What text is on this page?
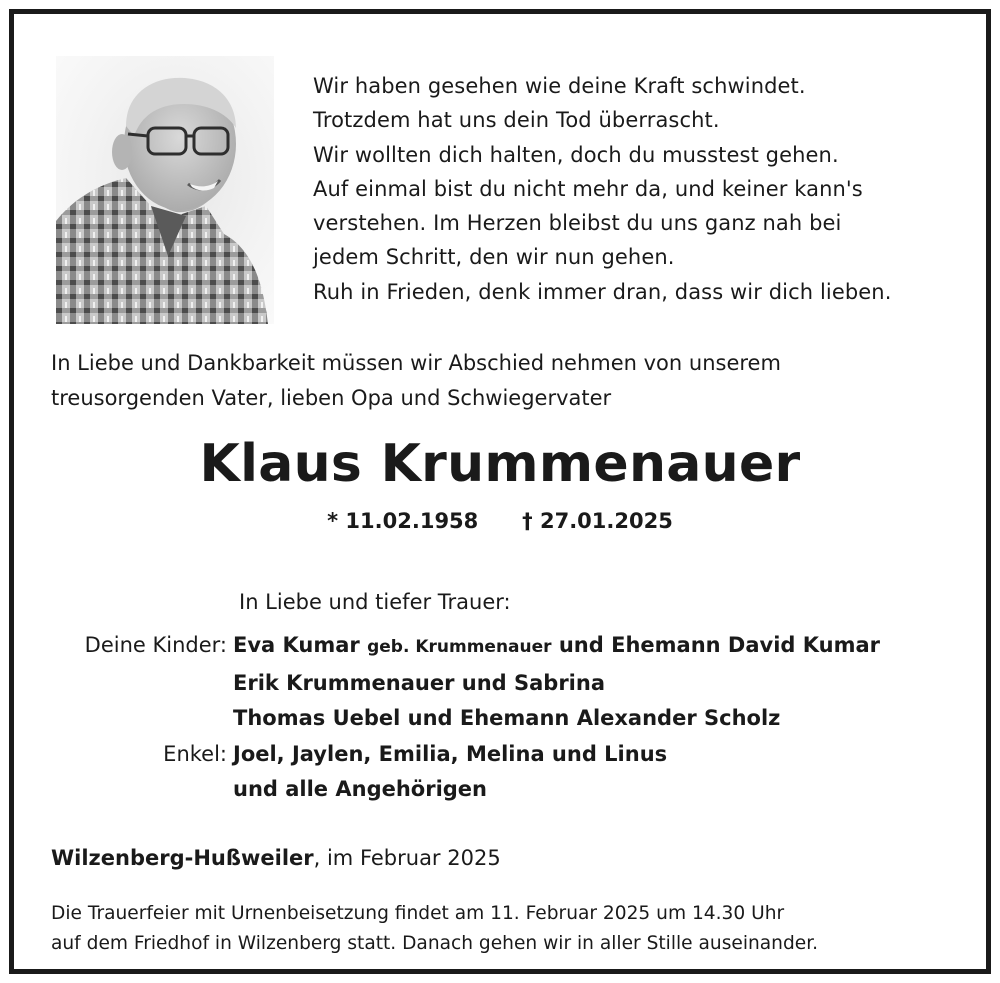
Wir haben gesehen wie deine Kraft schwindet.
Trotzdem hat uns dein Tod überrascht.
Wir wollten dich halten, doch du musstest gehen.
Auf einmal bist du nicht mehr da, und keiner kann's
verstehen. Im Herzen bleibst du uns ganz nah bei
jedem Schritt, den wir nun gehen.
Ruh in Frieden, denk immer dran, dass wir dich lieben.
In Liebe und Dankbarkeit müssen wir Abschied nehmen von unserem
treusorgenden Vater, lieben Opa und Schwiegervater
Klaus Krummenauer
* 11.02.1958 † 27.01.2025
In Liebe und tiefer Trauer:
Deine Kinder: Eva Kumar geb. Krummenauer und Ehemann David Kumar
Erik Krummenauer und Sabrina
Thomas Uebel und Ehemann Alexander Scholz
Enkel: Joel, Jaylen, Emilia, Melina und Linus
und alle Angehörigen
Wilzenberg-Hußweiler, im Februar 2025
Die Trauerfeier mit Urnenbeisetzung findet am 11. Februar 2025 um 14.30 Uhr
auf dem Friedhof in Wilzenberg statt. Danach gehen wir in aller Stille auseinander.
